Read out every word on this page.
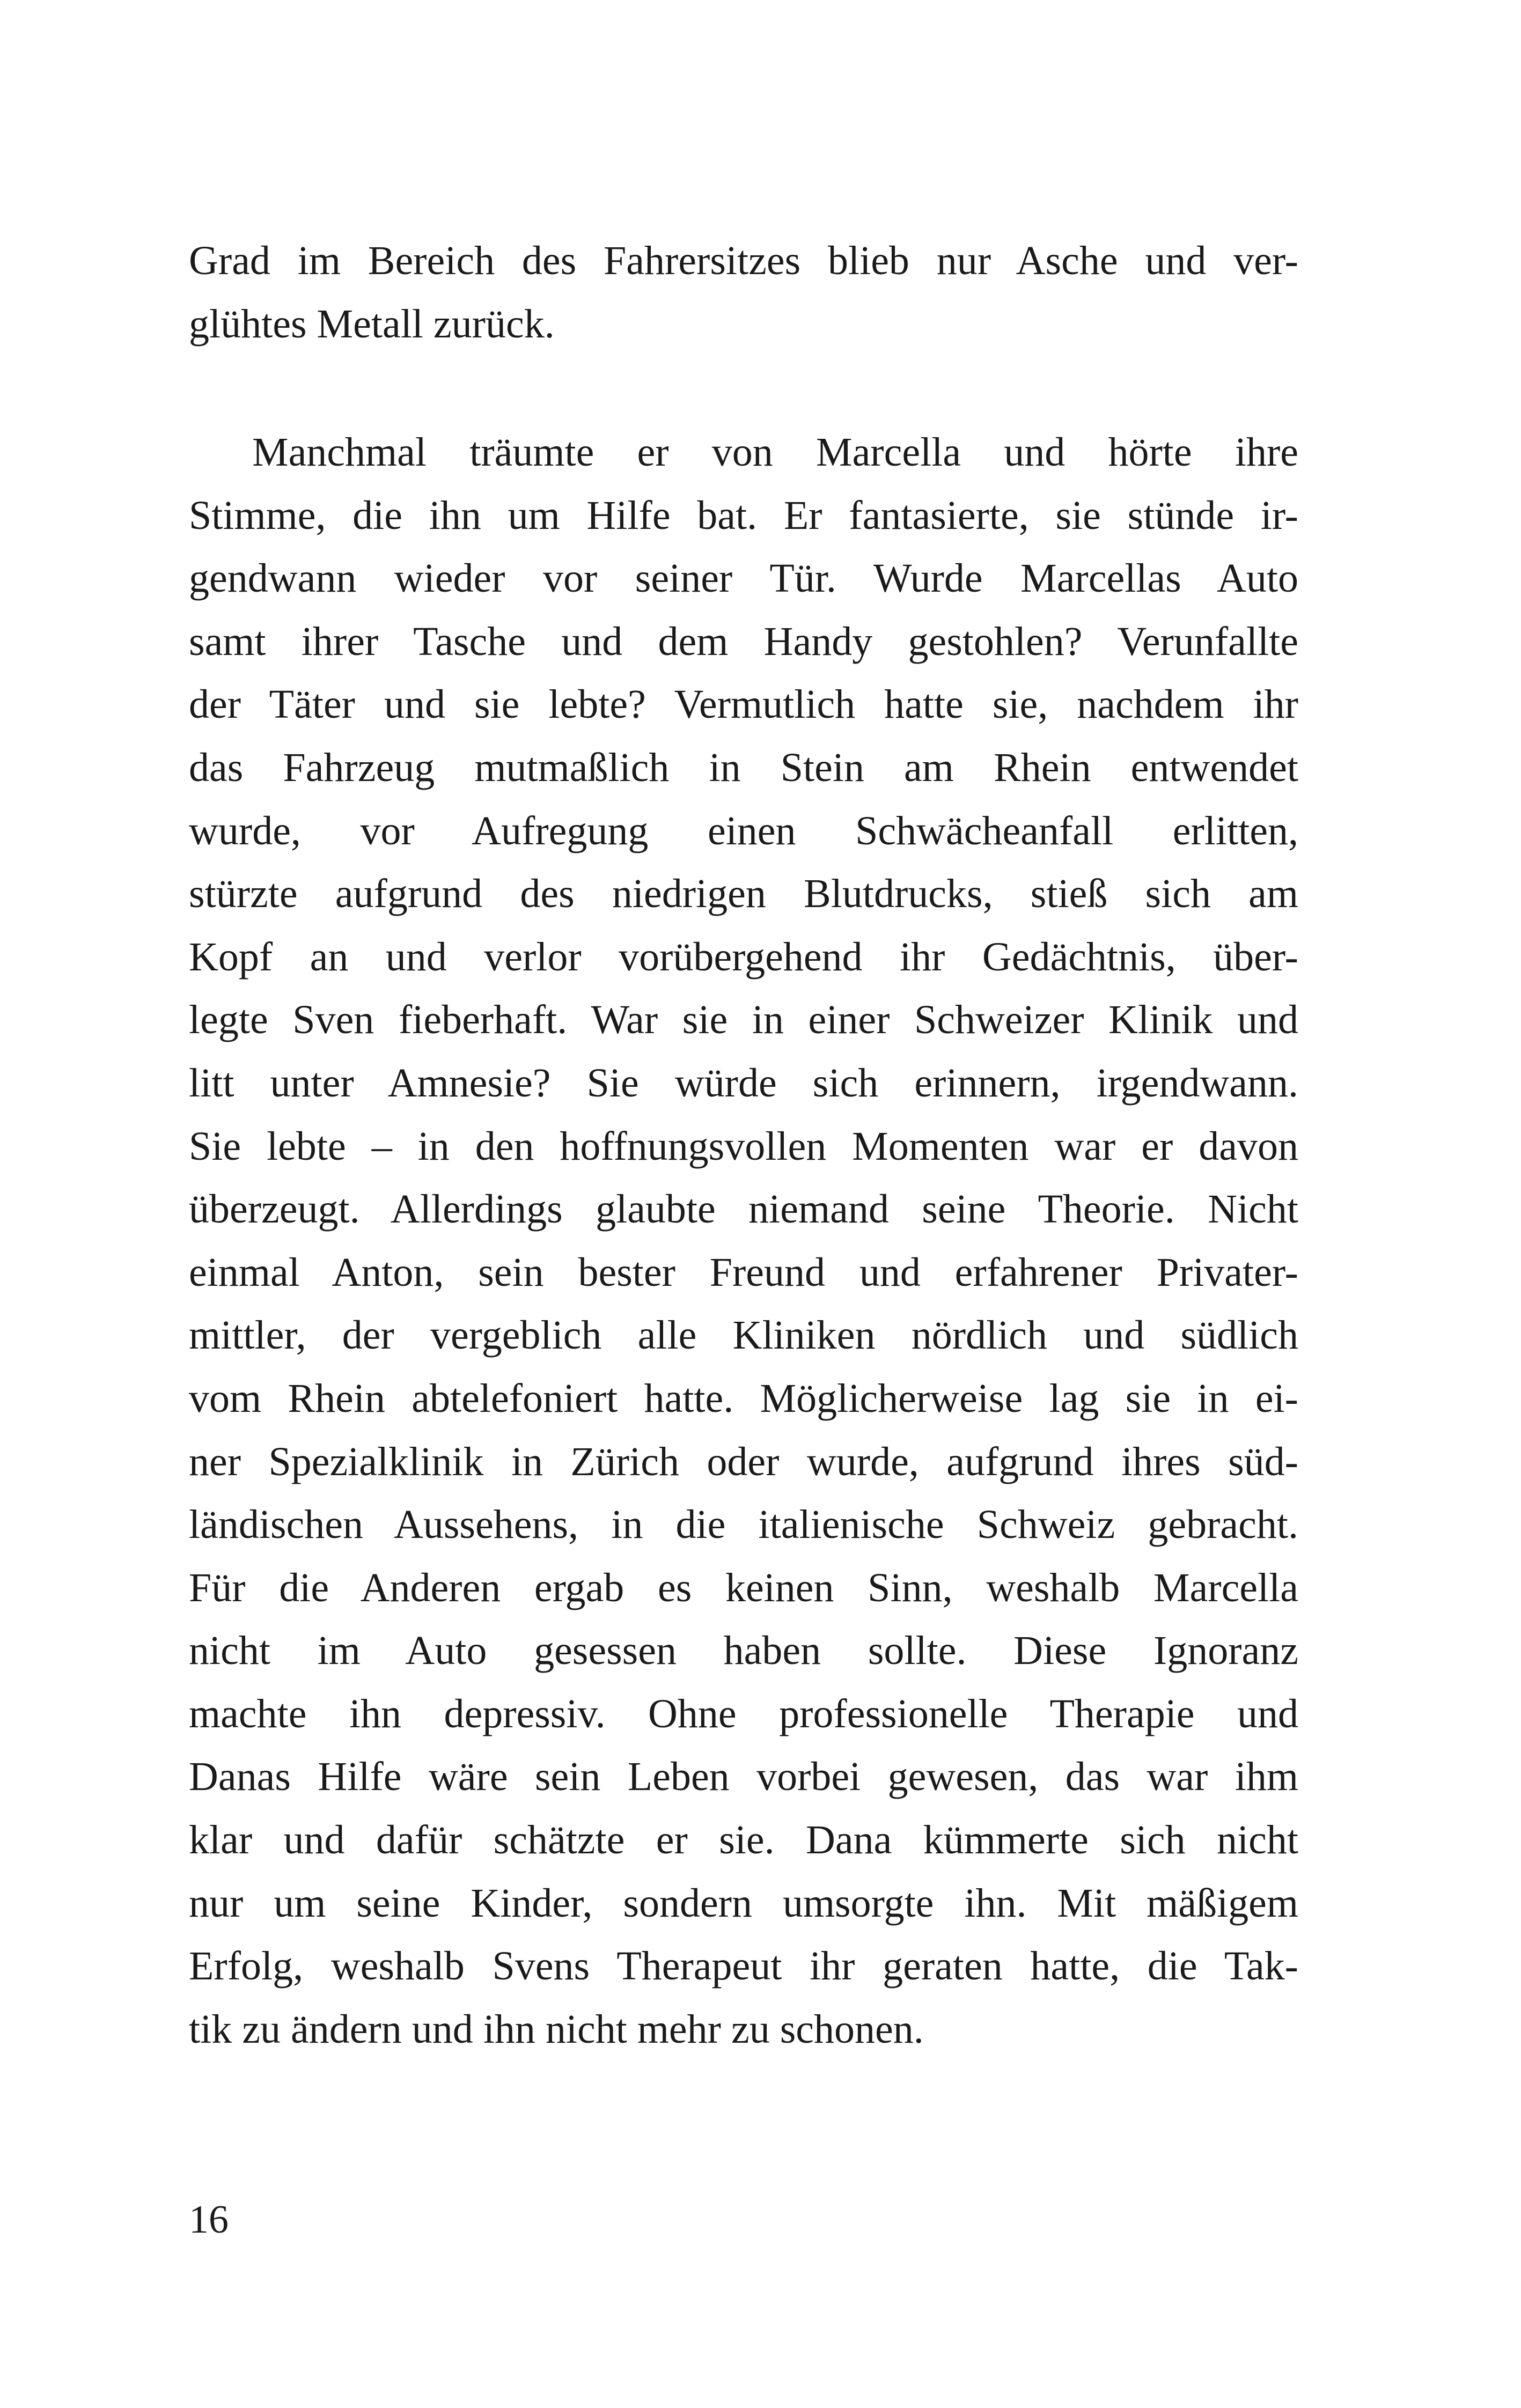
Grad im Bereich des Fahrersitzes blieb nur Asche und ver-
glühtes Metall zurück.
Manchmal träumte er von Marcella und hörte ihre
Stimme, die ihn um Hilfe bat. Er fantasierte, sie stünde ir-
gendwann wieder vor seiner Tür. Wurde Marcellas Auto
samt ihrer Tasche und dem Handy gestohlen? Verunfallte
der Täter und sie lebte? Vermutlich hatte sie, nachdem ihr
das Fahrzeug mutmaßlich in Stein am Rhein entwendet
wurde, vor Aufregung einen Schwächeanfall erlitten,
stürzte aufgrund des niedrigen Blutdrucks, stieß sich am
Kopf an und verlor vorübergehend ihr Gedächtnis, über-
legte Sven fieberhaft. War sie in einer Schweizer Klinik und
litt unter Amnesie? Sie würde sich erinnern, irgendwann.
Sie lebte – in den hoffnungsvollen Momenten war er davon
überzeugt. Allerdings glaubte niemand seine Theorie. Nicht
einmal Anton, sein bester Freund und erfahrener Privater-
mittler, der vergeblich alle Kliniken nördlich und südlich
vom Rhein abtelefoniert hatte. Möglicherweise lag sie in ei-
ner Spezialklinik in Zürich oder wurde, aufgrund ihres süd-
ländischen Aussehens, in die italienische Schweiz gebracht.
Für die Anderen ergab es keinen Sinn, weshalb Marcella
nicht im Auto gesessen haben sollte. Diese Ignoranz
machte ihn depressiv. Ohne professionelle Therapie und
Danas Hilfe wäre sein Leben vorbei gewesen, das war ihm
klar und dafür schätzte er sie. Dana kümmerte sich nicht
nur um seine Kinder, sondern umsorgte ihn. Mit mäßigem
Erfolg, weshalb Svens Therapeut ihr geraten hatte, die Tak-
tik zu ändern und ihn nicht mehr zu schonen.
16
